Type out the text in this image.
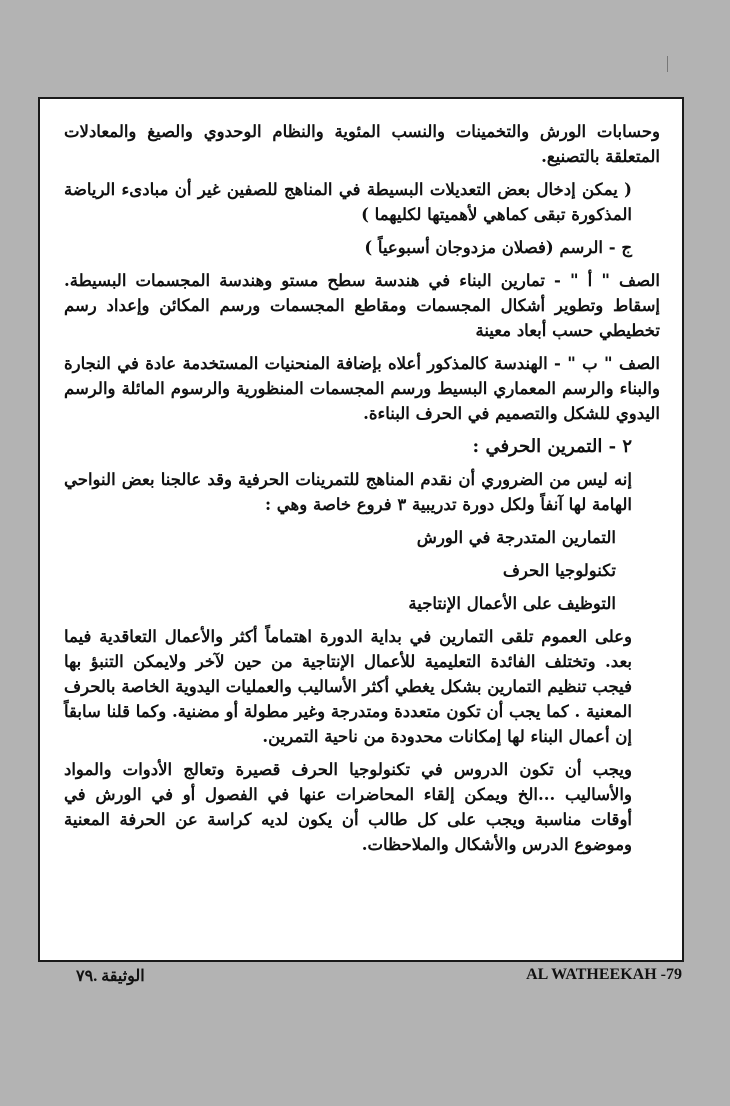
وحسابات الورش والتخمينات والنسب المئوية والنظام الوحدوي والصيغ والمعادلات المتعلقة بالتصنيع.

( يمكن إدخال بعض التعديلات البسيطة في المناهج للصفين غير أن مبادىء الرياضة المذكورة تبقى كماهي لأهميتها لكليهما )

ج - الرسم (فصلان مزدوجان أسبوعياً )

الصف " أ " - تمارين البناء في هندسة سطح مستو وهندسة المجسمات البسيطة. إسقاط وتطوير أشكال المجسمات ومقاطع المجسمات ورسم المكائن وإعداد رسم تخطيطي حسب أبعاد معينة

الصف " ب " - الهندسة كالمذكور أعلاه بإضافة المنحنيات المستخدمة عادة في النجارة والبناء والرسم المعماري البسيط ورسم المجسمات المنظورية والرسوم المائلة والرسم اليدوي للشكل والتصميم في الحرف البناءة.

٢ - التمرين الحرفي :

إنه ليس من الضروري أن نقدم المناهج للتمرينات الحرفية وقد عالجنا بعض النواحي الهامة لها آنفاً ولكل دورة تدريبية ٣ فروع خاصة وهي :

التمارين المتدرجة في الورش

تكنولوجيا الحرف

التوظيف على الأعمال الإنتاجية

وعلى العموم تلقى التمارين في بداية الدورة اهتماماً أكثر والأعمال التعاقدية فيما بعد. وتختلف الفائدة التعليمية للأعمال الإنتاجية من حين لآخر ولايمكن التنبؤ بها فيجب تنظيم التمارين بشكل يغطي أكثر الأساليب والعمليات اليدوية الخاصة بالحرف المعنية . كما يجب أن تكون متعددة ومتدرجة وغير مطولة أو مضنية. وكما قلنا سابقاً إن أعمال البناء لها إمكانات محدودة من ناحية التمرين.

ويجب أن تكون الدروس في تكنولوجيا الحرف قصيرة وتعالج الأدوات والمواد والأساليب ...الخ ويمكن إلقاء المحاضرات عنها في الفصول أو في الورش في أوقات مناسبة ويجب على كل طالب أن يكون لديه كراسة عن الحرفة المعنية وموضوع الدرس والأشكال والملاحظات.

الوثيقة .٧٩	AL WATHEEKAH -79
